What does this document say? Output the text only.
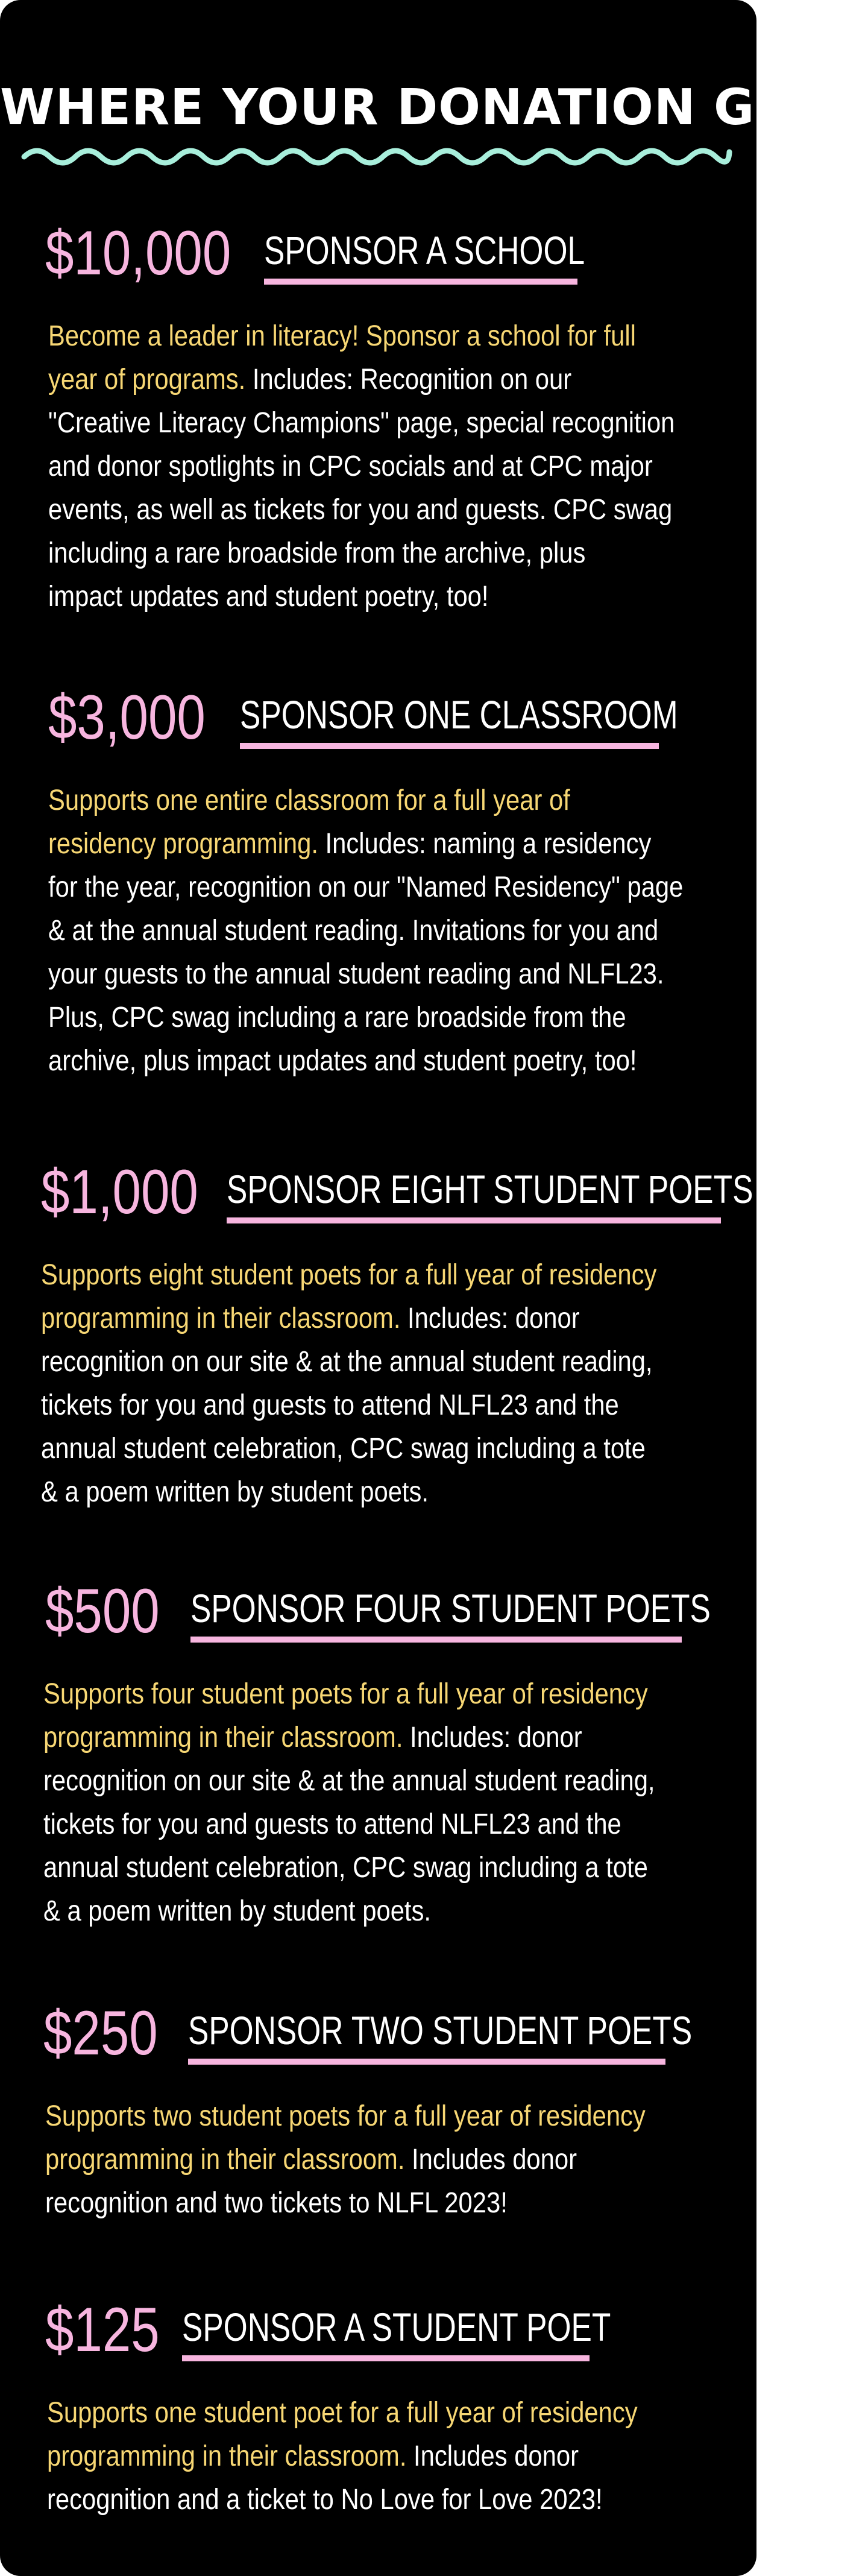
WHERE YOUR DONATION GOES
$10,000 SPONSOR A SCHOOL
Become a leader in literacy! Sponsor a school for full
year of programs. Includes: Recognition on our
"Creative Literacy Champions" page, special recognition
and donor spotlights in CPC socials and at CPC major
events, as well as tickets for you and guests. CPC swag
including a rare broadside from the archive, plus
impact updates and student poetry, too!
$3,000 SPONSOR ONE CLASSROOM
Supports one entire classroom for a full year of
residency programming. Includes: naming a residency
for the year, recognition on our "Named Residency" page
& at the annual student reading. Invitations for you and
your guests to the annual student reading and NLFL23.
Plus, CPC swag including a rare broadside from the
archive, plus impact updates and student poetry, too!
$1,000 SPONSOR EIGHT STUDENT POETS
Supports eight student poets for a full year of residency
programming in their classroom. Includes: donor
recognition on our site & at the annual student reading,
tickets for you and guests to attend NLFL23 and the
annual student celebration, CPC swag including a tote
& a poem written by student poets.
$500 SPONSOR FOUR STUDENT POETS
Supports four student poets for a full year of residency
programming in their classroom. Includes: donor
recognition on our site & at the annual student reading,
tickets for you and guests to attend NLFL23 and the
annual student celebration, CPC swag including a tote
& a poem written by student poets.
$250 SPONSOR TWO STUDENT POETS
Supports two student poets for a full year of residency
programming in their classroom. Includes donor
recognition and two tickets to NLFL 2023!
$125 SPONSOR A STUDENT POET
Supports one student poet for a full year of residency
programming in their classroom. Includes donor
recognition and a ticket to No Love for Love 2023!
